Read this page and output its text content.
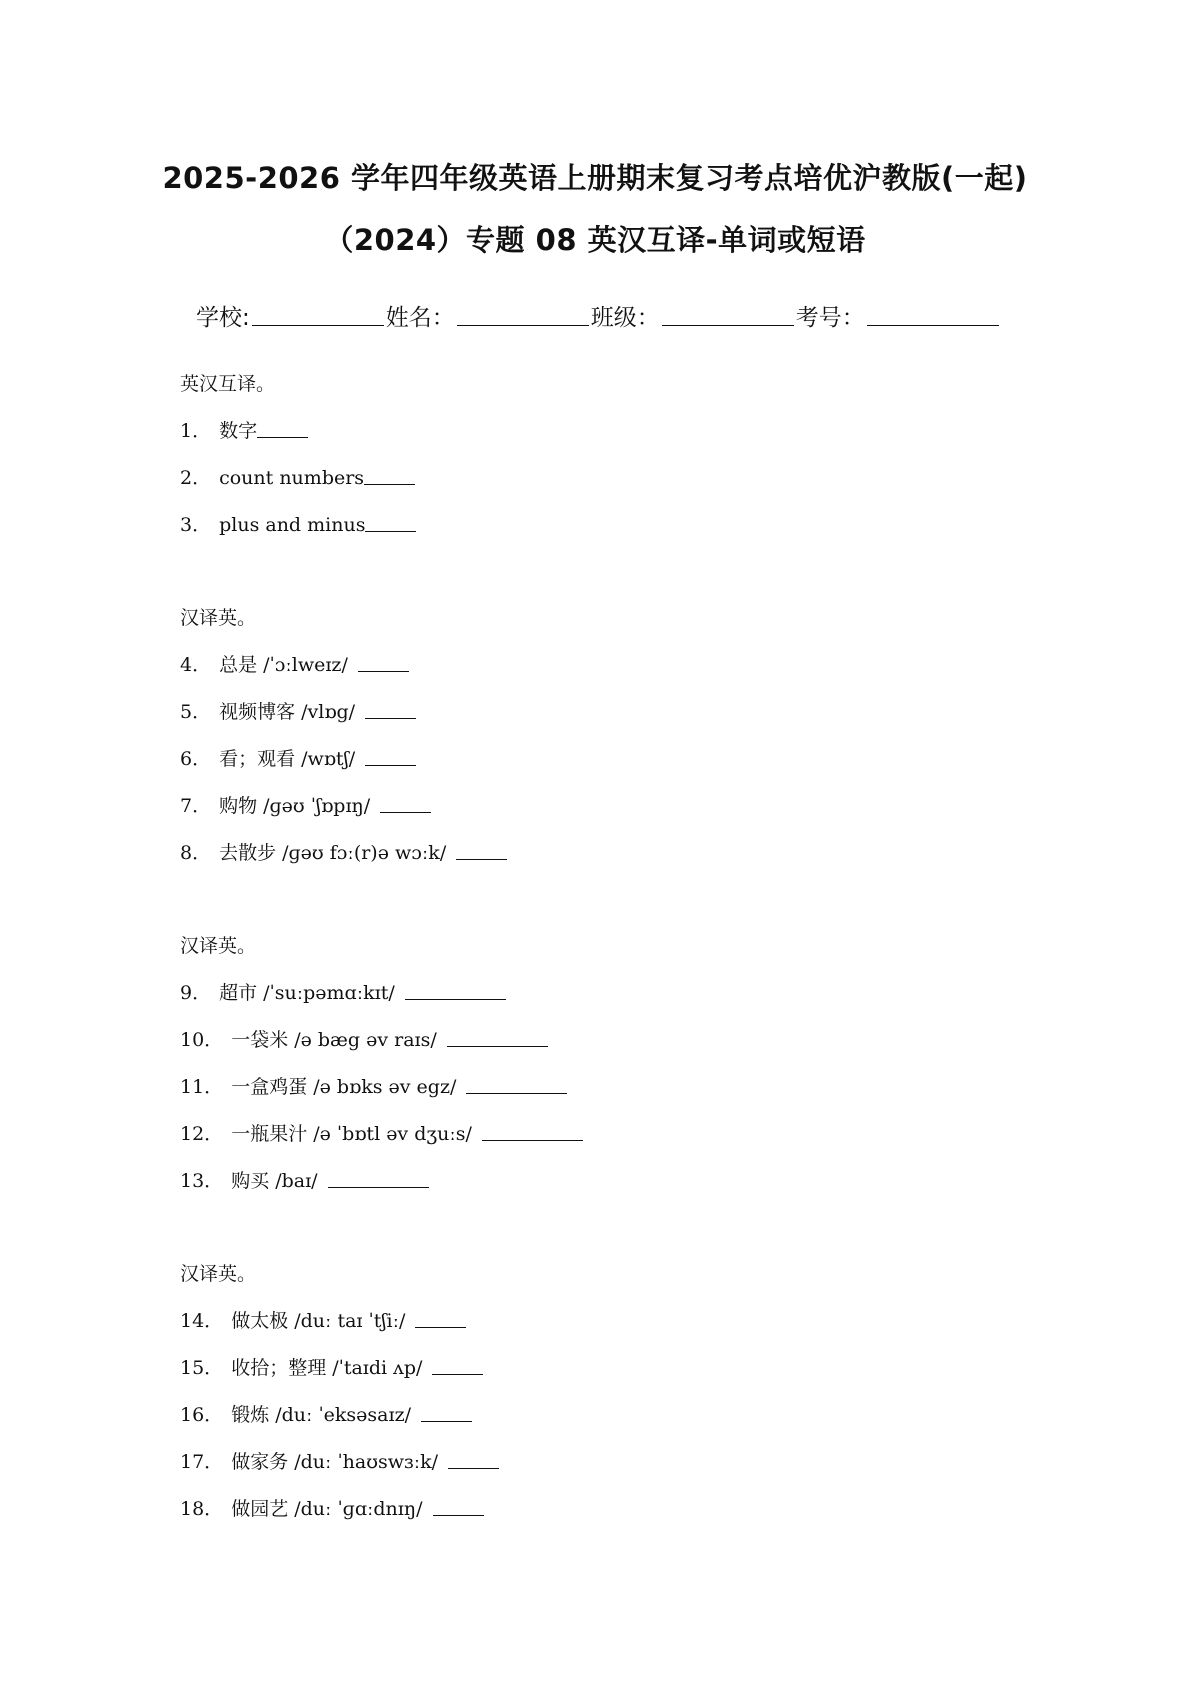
2025-2026 学年四年级英语上册期末复习考点培优沪教版(一起)
（2024）专题 08 英汉互译-单词或短语
学校:	姓名：	班级：	考号：
英汉互译。
1． 数字
2． count numbers
3． plus and minus
汉译英。
4． 总是 /ˈɔːlweɪz/
5． 视频博客 /vlɒg/
6． 看；观看 /wɒtʃ/
7． 购物 /ɡəʊ ˈʃɒpɪŋ/
8． 去散步 /ɡəʊ fɔː(r)ə wɔːk/
汉译英。
9． 超市 /ˈsuːpəmɑːkɪt/
10． 一袋米 /ə bæg əv raɪs/
11． 一盒鸡蛋 /ə bɒks əv egz/
12． 一瓶果汁 /ə ˈbɒtl əv dʒuːs/
13． 购买 /baɪ/
汉译英。
14． 做太极 /duː taɪ ˈtʃiː/
15． 收拾；整理 /ˈtaɪdi ʌp/
16． 锻炼 /duː ˈeksəsaɪz/
17． 做家务 /duː ˈhaʊswɜːk/
18． 做园艺 /duː ˈɡɑːdnɪŋ/
